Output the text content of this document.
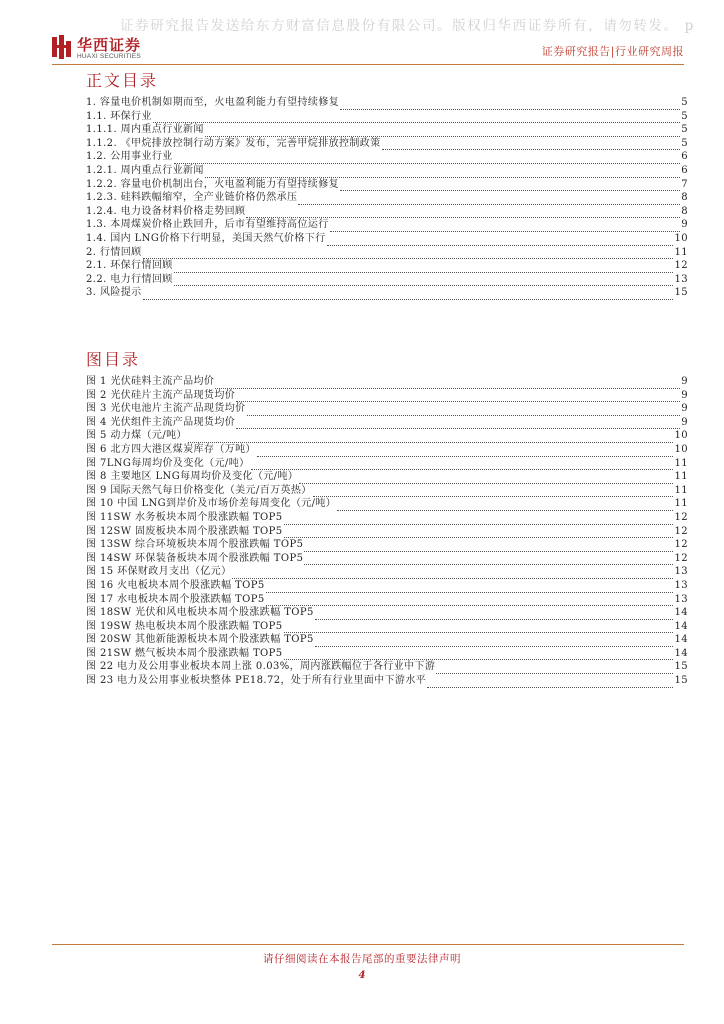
证券研究报告发送给东方财富信息股份有限公司。版权归华西证券所有，请勿转发。 p
华西证券
HUAXI SECURITIES	证券研究报告|行业研究周报
正文目录
1. 容量电价机制如期而至，火电盈利能力有望持续修复	5
1.1. 环保行业	5
1.1.1. 周内重点行业新闻	5
1.1.2. 《甲烷排放控制行动方案》发布，完善甲烷排放控制政策	5
1.2. 公用事业行业	6
1.2.1. 周内重点行业新闻	6
1.2.2. 容量电价机制出台，火电盈利能力有望持续修复	7
1.2.3. 硅料跌幅缩窄，全产业链价格仍然承压	8
1.2.4. 电力设备材料价格走势回顾	8
1.3. 本周煤炭价格止跌回升，后市有望维持高位运行	9
1.4. 国内 LNG价格下行明显，美国天然气价格下行	10
2. 行情回顾	11
2.1. 环保行情回顾	12
2.2. 电力行情回顾	13
3. 风险提示	15
图目录
图 1 光伏硅料主流产品均价	9
图 2 光伏硅片主流产品现货均价	9
图 3 光伏电池片主流产品现货均价	9
图 4 光伏组件主流产品现货均价	9
图 5 动力煤（元/吨）	10
图 6 北方四大港区煤炭库存（万吨）	10
图 7LNG每周均价及变化（元/吨）	11
图 8 主要地区 LNG每周均价及变化（元/吨）	11
图 9 国际天然气每日价格变化（美元/百万英热）	11
图 10 中国 LNG到岸价及市场价差每周变化（元/吨）	11
图 11SW 水务板块本周个股涨跌幅 TOP5	12
图 12SW 固废板块本周个股涨跌幅 TOP5	12
图 13SW 综合环境板块本周个股涨跌幅 TOP5	12
图 14SW 环保装备板块本周个股涨跌幅 TOP5	12
图 15 环保财政月支出（亿元）	13
图 16 火电板块本周个股涨跌幅 TOP5	13
图 17 水电板块本周个股涨跌幅 TOP5	13
图 18SW 光伏和风电板块本周个股涨跌幅 TOP5	14
图 19SW 热电板块本周个股涨跌幅 TOP5	14
图 20SW 其他新能源板块本周个股涨跌幅 TOP5	14
图 21SW 燃气板块本周个股涨跌幅 TOP5	14
图 22 电力及公用事业板块本周上涨 0.03%，周内涨跌幅位于各行业中下游	15
图 23 电力及公用事业板块整体 PE18.72，处于所有行业里面中下游水平	15
请仔细阅读在本报告尾部的重要法律声明
4
